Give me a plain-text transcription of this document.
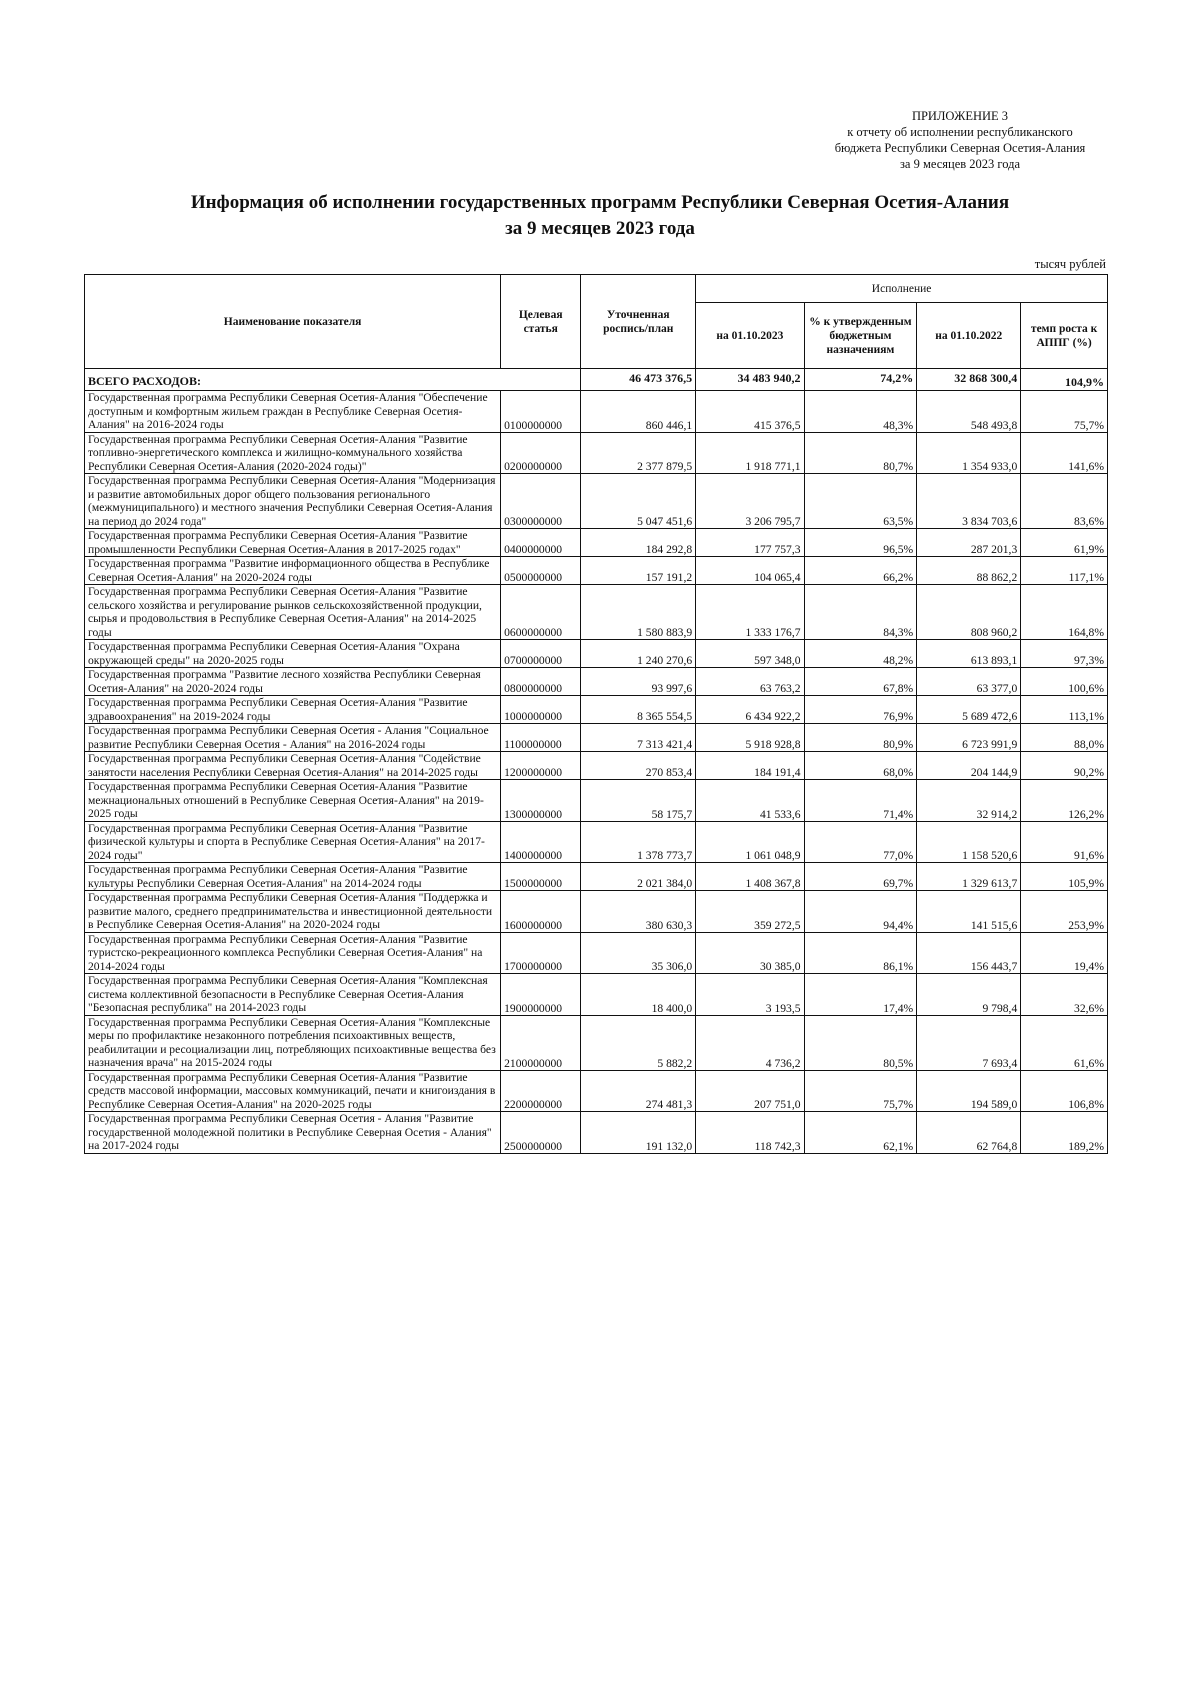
ПРИЛОЖЕНИЕ 3
к отчету об исполнении республиканского
бюджета Республики Северная Осетия-Алания
за 9 месяцев 2023 года
Информация об исполнении государственных программ Республики Северная Осетия-Алания
за 9 месяцев 2023 года
тысяч рублей
Наименование показателя	Целевая статья	Уточненная роспись/план	Исполнение			
			на 01.10.2023	% к утвержденным бюджетным назначениям	на 01.10.2022	темп роста к АППГ (%)
ВСЕГО РАСХОДОВ:		46 473 376,5	34 483 940,2	74,2%	32 868 300,4	104,9%
Государственная программа Республики Северная Осетия-Алания "Обеспечение доступным и комфортным жильем граждан в Республике Северная Осетия-Алания" на 2016-2024 годы	0100000000	860 446,1	415 376,5	48,3%	548 493,8	75,7%
Государственная программа Республики Северная Осетия-Алания "Развитие топливно-энергетического комплекса и жилищно-коммунального хозяйства Республики Северная Осетия-Алания (2020-2024 годы)"	0200000000	2 377 879,5	1 918 771,1	80,7%	1 354 933,0	141,6%
Государственная программа Республики Северная Осетия-Алания "Модернизация и развитие автомобильных дорог общего пользования регионального (межмуниципального) и местного значения Республики Северная Осетия-Алания на период до 2024 года"	0300000000	5 047 451,6	3 206 795,7	63,5%	3 834 703,6	83,6%
Государственная программа Республики Северная Осетия-Алания "Развитие промышленности Республики Северная Осетия-Алания в 2017-2025 годах"	0400000000	184 292,8	177 757,3	96,5%	287 201,3	61,9%
Государственная программа "Развитие информационного общества в Республике Северная Осетия-Алания" на 2020-2024 годы	0500000000	157 191,2	104 065,4	66,2%	88 862,2	117,1%
Государственная программа Республики Северная Осетия-Алания "Развитие сельского хозяйства и регулирование рынков сельскохозяйственной продукции, сырья и продовольствия в Республике Северная Осетия-Алания" на 2014-2025 годы	0600000000	1 580 883,9	1 333 176,7	84,3%	808 960,2	164,8%
Государственная программа Республики Северная Осетия-Алания "Охрана окружающей среды" на 2020-2025 годы	0700000000	1 240 270,6	597 348,0	48,2%	613 893,1	97,3%
Государственная программа "Развитие лесного хозяйства Республики Северная Осетия-Алания" на 2020-2024 годы	0800000000	93 997,6	63 763,2	67,8%	63 377,0	100,6%
Государственная программа Республики Северная Осетия-Алания "Развитие здравоохранения" на 2019-2024 годы	1000000000	8 365 554,5	6 434 922,2	76,9%	5 689 472,6	113,1%
Государственная программа Республики Северная Осетия - Алания "Социальное развитие Республики Северная Осетия - Алания" на 2016-2024 годы	1100000000	7 313 421,4	5 918 928,8	80,9%	6 723 991,9	88,0%
Государственная программа Республики Северная Осетия-Алания "Содействие занятости населения Республики Северная Осетия-Алания" на 2014-2025 годы	1200000000	270 853,4	184 191,4	68,0%	204 144,9	90,2%
Государственная программа Республики Северная Осетия-Алания "Развитие межнациональных отношений в Республике Северная Осетия-Алания" на 2019-2025 годы	1300000000	58 175,7	41 533,6	71,4%	32 914,2	126,2%
Государственная программа Республики Северная Осетия-Алания "Развитие физической культуры и спорта в Республике Северная Осетия-Алания" на 2017-2024 годы"	1400000000	1 378 773,7	1 061 048,9	77,0%	1 158 520,6	91,6%
Государственная программа Республики Северная Осетия-Алания "Развитие культуры Республики Северная Осетия-Алания" на 2014-2024 годы	1500000000	2 021 384,0	1 408 367,8	69,7%	1 329 613,7	105,9%
Государственная программа Республики Северная Осетия-Алания "Поддержка и развитие малого, среднего предпринимательства и инвестиционной деятельности в Республике Северная Осетия-Алания" на 2020-2024 годы	1600000000	380 630,3	359 272,5	94,4%	141 515,6	253,9%
Государственная программа Республики Северная Осетия-Алания "Развитие туристско-рекреационного комплекса Республики Северная Осетия-Алания" на 2014-2024 годы	1700000000	35 306,0	30 385,0	86,1%	156 443,7	19,4%
Государственная программа Республики Северная Осетия-Алания "Комплексная система коллективной безопасности в Республике Северная Осетия-Алания "Безопасная республика" на 2014-2023 годы	1900000000	18 400,0	3 193,5	17,4%	9 798,4	32,6%
Государственная программа Республики Северная Осетия-Алания "Комплексные меры по профилактике незаконного потребления психоактивных веществ, реабилитации и ресоциализации лиц, потребляющих психоактивные вещества без назначения врача" на 2015-2024 годы	2100000000	5 882,2	4 736,2	80,5%	7 693,4	61,6%
Государственная программа Республики Северная Осетия-Алания "Развитие средств массовой информации, массовых коммуникаций, печати и книгоиздания в Республике Северная Осетия-Алания" на 2020-2025 годы	2200000000	274 481,3	207 751,0	75,7%	194 589,0	106,8%
Государственная программа Республики Северная Осетия - Алания "Развитие государственной молодежной политики в Республике Северная Осетия - Алания" на 2017-2024 годы	2500000000	191 132,0	118 742,3	62,1%	62 764,8	189,2%
